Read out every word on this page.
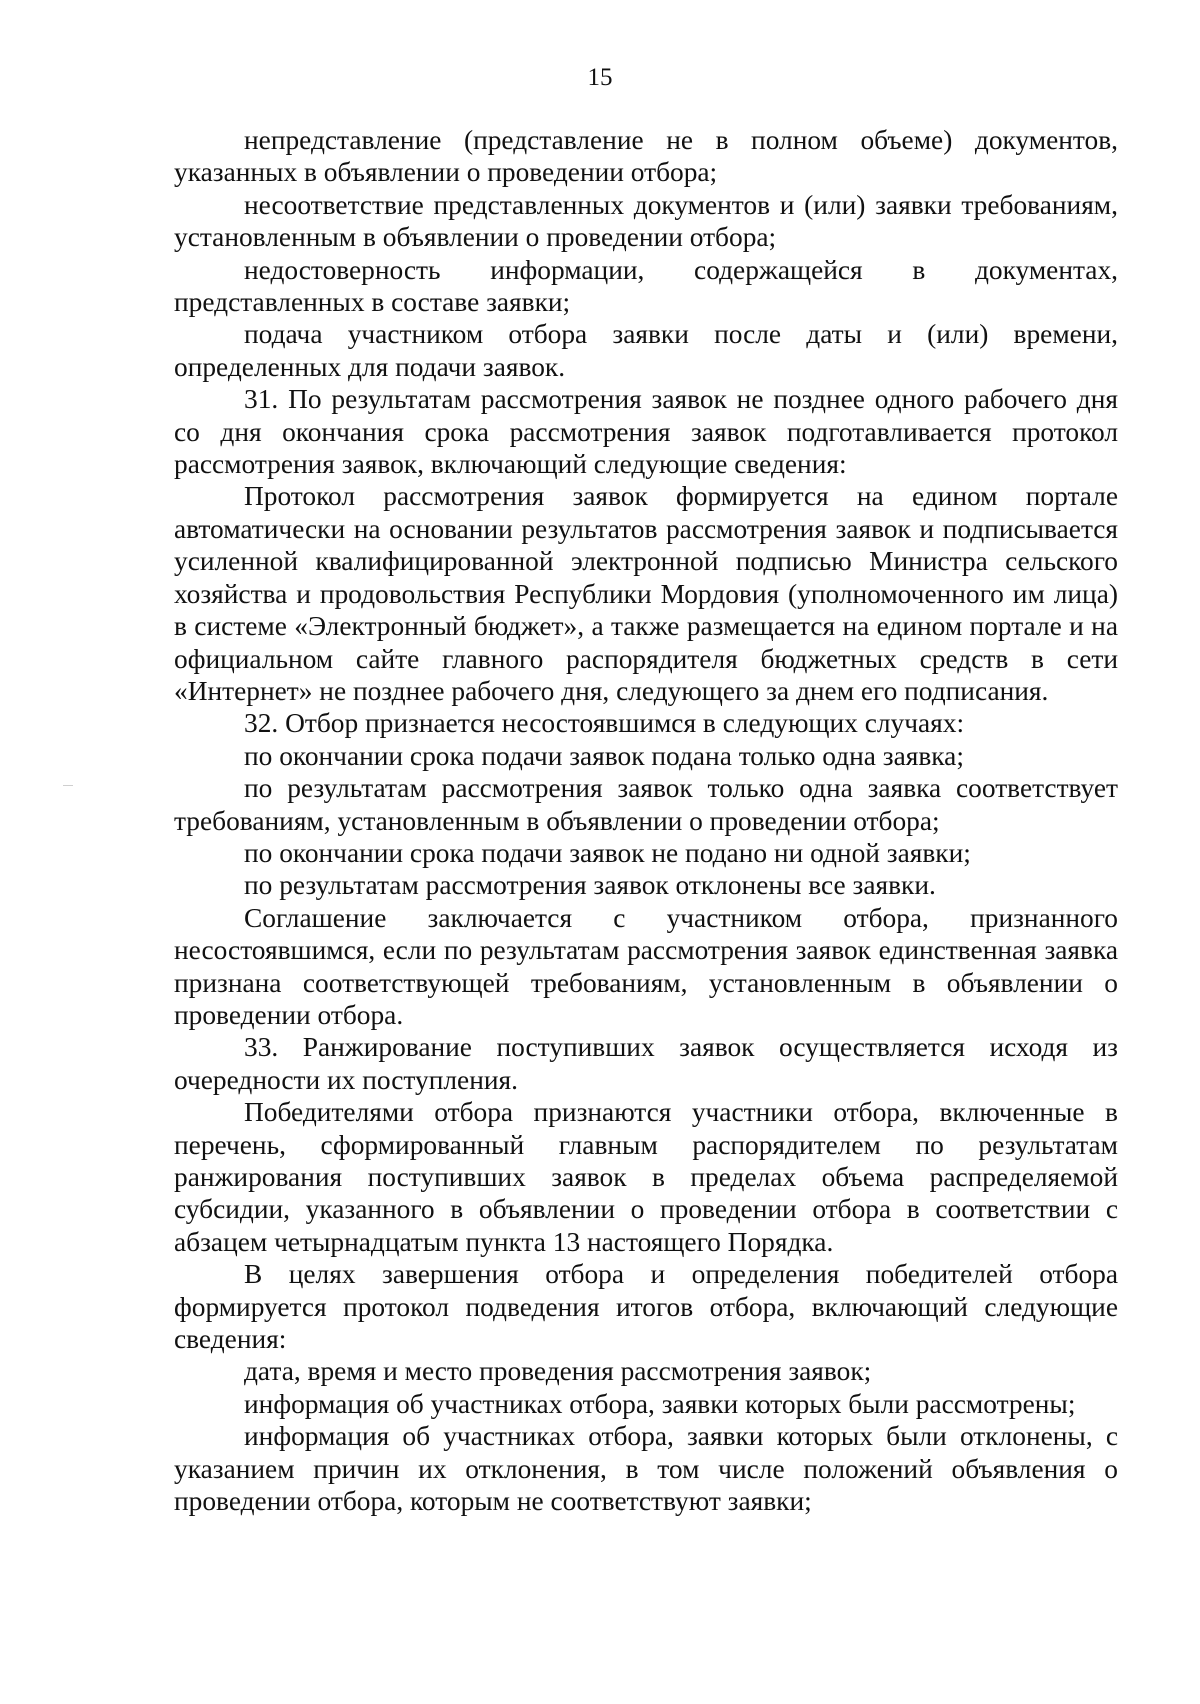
15

непредставление (представление не в полном объеме) документов, указанных в объявлении о проведении отбора;

несоответствие представленных документов и (или) заявки требованиям, установленным в объявлении о проведении отбора;

недостоверность информации, содержащейся в документах, представленных в составе заявки;

подача участником отбора заявки после даты и (или) времени, определенных для подачи заявок.

31. По результатам рассмотрения заявок не позднее одного рабочего дня со дня окончания срока рассмотрения заявок подготавливается протокол рассмотрения заявок, включающий следующие сведения:

Протокол рассмотрения заявок формируется на едином портале автоматически на основании результатов рассмотрения заявок и подписывается усиленной квалифицированной электронной подписью Министра сельского хозяйства и продовольствия Республики Мордовия (уполномоченного им лица) в системе «Электронный бюджет», а также размещается на едином портале и на официальном сайте главного распорядителя бюджетных средств в сети «Интернет» не позднее рабочего дня, следующего за днем его подписания.

32. Отбор признается несостоявшимся в следующих случаях:

по окончании срока подачи заявок подана только одна заявка;

по результатам рассмотрения заявок только одна заявка соответствует требованиям, установленным в объявлении о проведении отбора;

по окончании срока подачи заявок не подано ни одной заявки;

по результатам рассмотрения заявок отклонены все заявки.

Соглашение заключается с участником отбора, признанного несостоявшимся, если по результатам рассмотрения заявок единственная заявка признана соответствующей требованиям, установленным в объявлении о проведении отбора.

33. Ранжирование поступивших заявок осуществляется исходя из очередности их поступления.

Победителями отбора признаются участники отбора, включенные в перечень, сформированный главным распорядителем по результатам ранжирования поступивших заявок в пределах объема распределяемой субсидии, указанного в объявлении о проведении отбора в соответствии с абзацем четырнадцатым пункта 13 настоящего Порядка.

В целях завершения отбора и определения победителей отбора формируется протокол подведения итогов отбора, включающий следующие сведения:

дата, время и место проведения рассмотрения заявок;

информация об участниках отбора, заявки которых были рассмотрены;

информация об участниках отбора, заявки которых были отклонены, с указанием причин их отклонения, в том числе положений объявления о проведении отбора, которым не соответствуют заявки;
